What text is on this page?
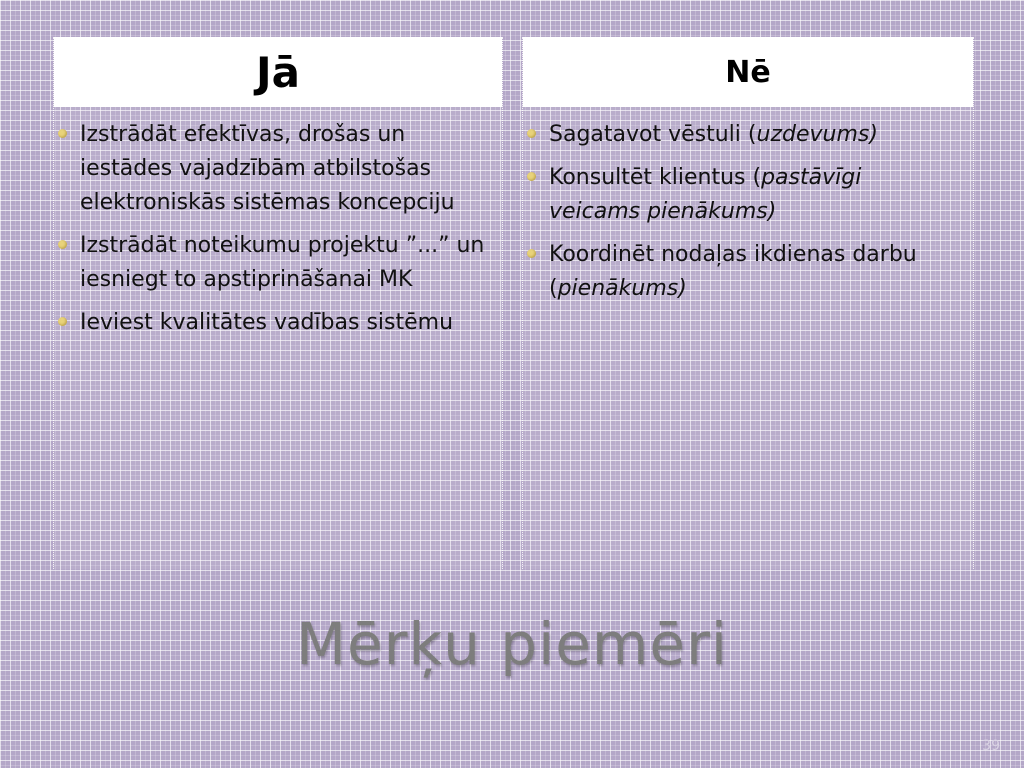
Jā
Izstrādāt efektīvas, drošas un iestādes vajadzībām atbilstošas elektroniskās sistēmas koncepciju
Izstrādāt noteikumu projektu ”...” un iesniegt to apstiprināšanai MK
Ieviest kvalitātes vadības sistēmu
Nē
Sagatavot vēstuli (uzdevums)
Konsultēt klientus (pastāvīgi veicams pienākums)
Koordinēt nodaļas ikdienas darbu (pienākums)
Mērķu piemēri
39
